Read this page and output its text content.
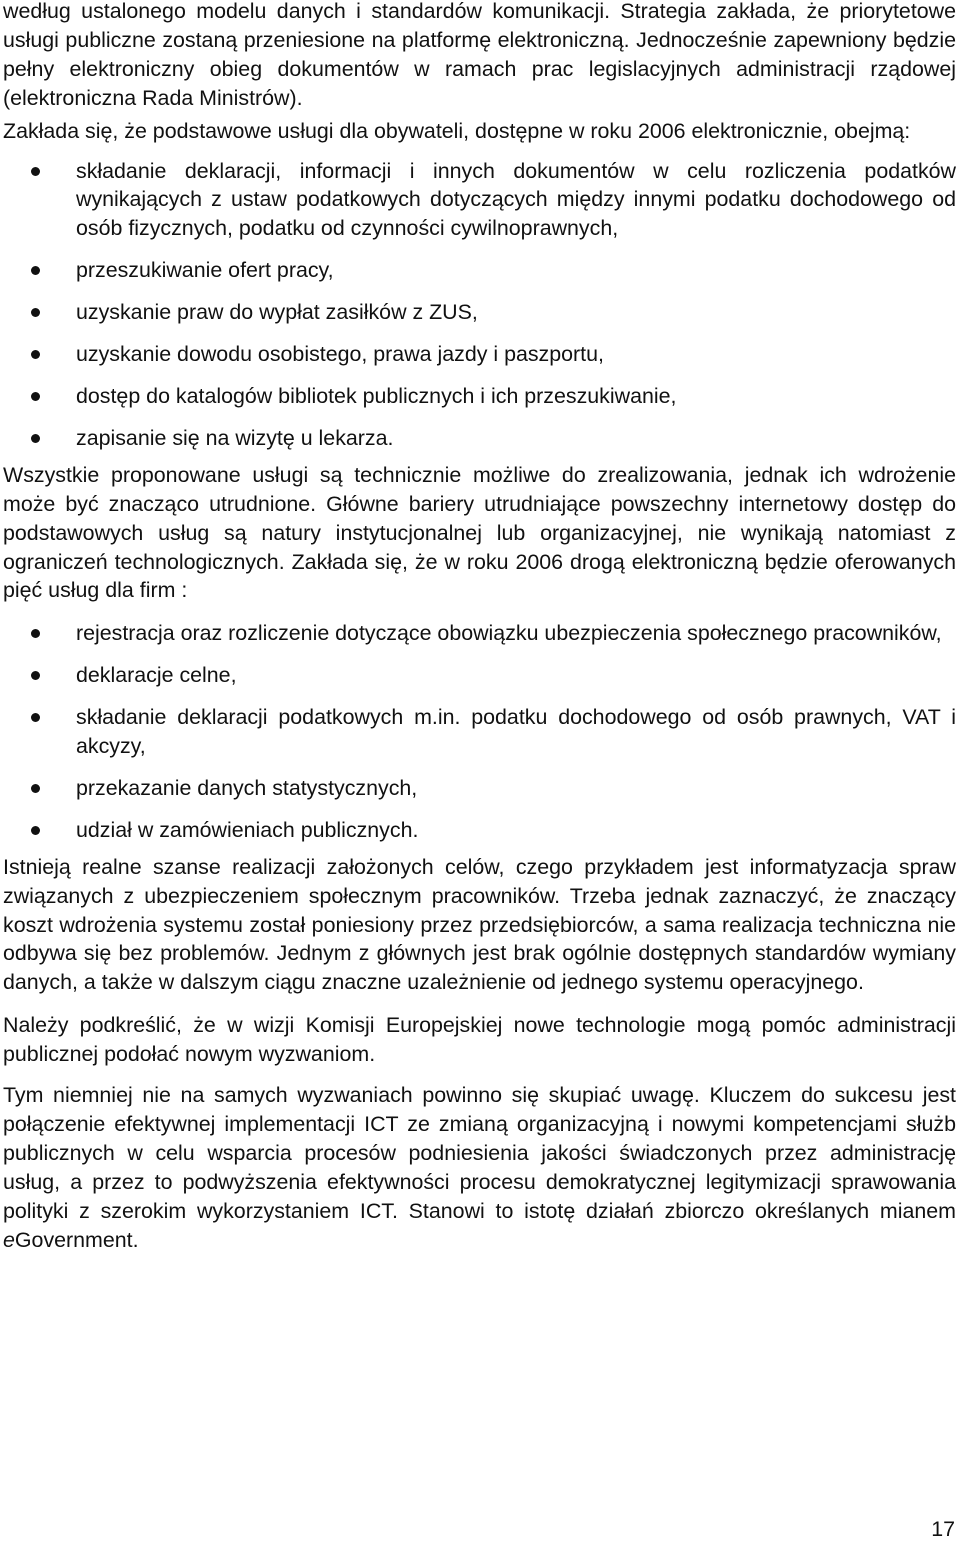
według ustalonego modelu danych i standardów komunikacji. Strategia zakłada, że priorytetowe usługi publiczne zostaną przeniesione na platformę elektroniczną. Jednocześnie zapewniony będzie pełny elektroniczny obieg dokumentów w ramach prac legislacyjnych administracji rządowej (elektroniczna Rada Ministrów).

Zakłada się, że podstawowe usługi dla obywateli, dostępne w roku 2006 elektronicznie, obejmą:

składanie deklaracji, informacji i innych dokumentów w celu rozliczenia podatków wynikających z ustaw podatkowych dotyczących między innymi podatku dochodowego od osób fizycznych, podatku od czynności cywilnoprawnych,
przeszukiwanie ofert pracy,
uzyskanie praw do wypłat zasiłków z ZUS,
uzyskanie dowodu osobistego, prawa jazdy i paszportu,
dostęp do katalogów bibliotek publicznych i ich przeszukiwanie,
zapisanie się na wizytę u lekarza.

Wszystkie proponowane usługi są technicznie możliwe do zrealizowania, jednak ich wdrożenie może być znacząco utrudnione. Główne bariery utrudniające powszechny internetowy dostęp do podstawowych usług są natury instytucjonalnej lub organizacyjnej, nie wynikają natomiast z ograniczeń technologicznych. Zakłada się, że w roku 2006 drogą elektroniczną będzie oferowanych pięć usług dla firm :

rejestracja oraz rozliczenie dotyczące obowiązku ubezpieczenia społecznego pracowników,
deklaracje celne,
składanie deklaracji podatkowych m.in. podatku dochodowego od osób prawnych, VAT i akcyzy,
przekazanie danych statystycznych,
udział w zamówieniach publicznych.

Istnieją realne szanse realizacji założonych celów, czego przykładem jest informatyzacja spraw związanych z ubezpieczeniem społecznym pracowników. Trzeba jednak zaznaczyć, że znaczący koszt wdrożenia systemu został poniesiony przez przedsiębiorców, a sama realizacja techniczna nie odbywa się bez problemów. Jednym z głównych jest brak ogólnie dostępnych standardów wymiany danych, a także w dalszym ciągu znaczne uzależnienie od jednego systemu operacyjnego.

Należy podkreślić, że w wizji Komisji Europejskiej nowe technologie mogą pomóc administracji publicznej podołać nowym wyzwaniom.

Tym niemniej nie na samych wyzwaniach powinno się skupiać uwagę. Kluczem do sukcesu jest połączenie efektywnej implementacji ICT ze zmianą organizacyjną i nowymi kompetencjami służb publicznych w celu wsparcia procesów podniesienia jakości świadczonych przez administrację usług, a przez to podwyższenia efektywności procesu demokratycznej legitymizacji sprawowania polityki z szerokim wykorzystaniem ICT. Stanowi to istotę działań zbiorczo określanych mianem eGovernment.

17
